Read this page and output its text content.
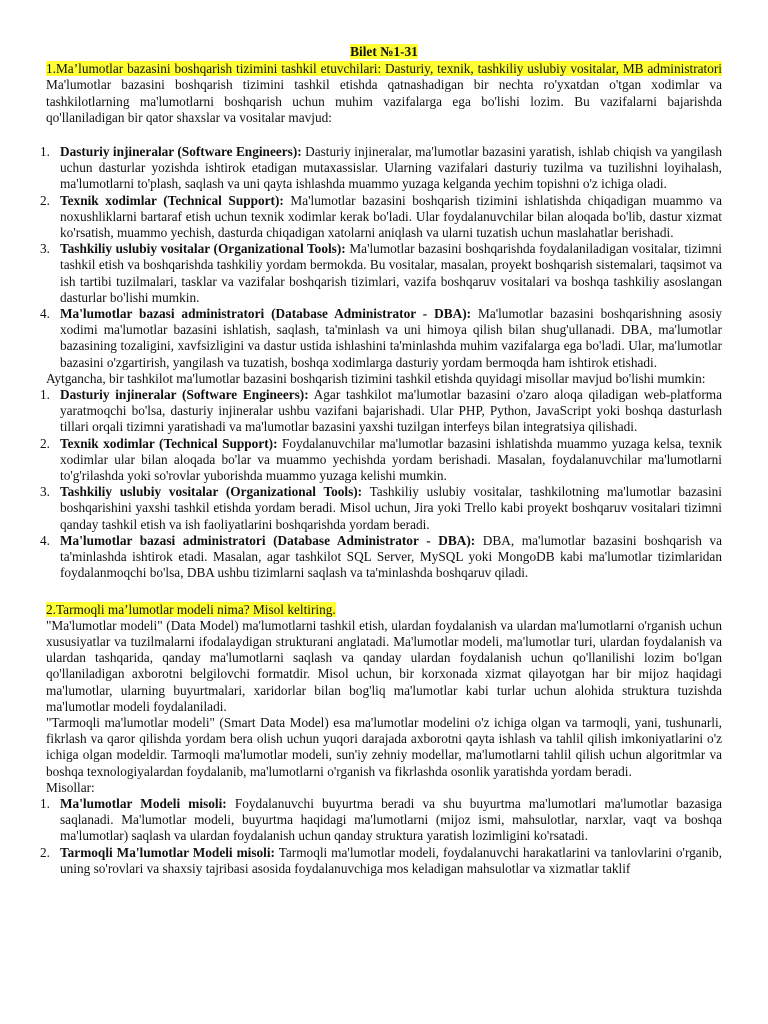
Bilet №1-31

1.Ma’lumotlar bazasini boshqarish tizimini tashkil etuvchilari: Dasturiy, texnik, tashkiliy uslubiy vositalar, MB administratori Ma'lumotlar bazasini boshqarish tizimini tashkil etishda qatnashadigan bir nechta ro'yxatdan o'tgan xodimlar va tashkilotlarning ma'lumotlarni boshqarish uchun muhim vazifalarga ega bo'lishi lozim. Bu vazifalarni bajarishda qo'llaniladigan bir qator shaxslar va vositalar mavjud:

1. Dasturiy injineralar (Software Engineers): Dasturiy injineralar, ma'lumotlar bazasini yaratish, ishlab chiqish va yangilash uchun dasturlar yozishda ishtirok etadigan mutaxassislar. Ularning vazifalari dasturiy tuzilma va tuzilishni loyihalash, ma'lumotlarni to'plash, saqlash va uni qayta ishlashda muammo yuzaga kelganda yechim topishni o'z ichiga oladi.
2. Texnik xodimlar (Technical Support): Ma'lumotlar bazasini boshqarish tizimini ishlatishda chiqadigan muammo va noxushliklarni bartaraf etish uchun texnik xodimlar kerak bo'ladi. Ular foydalanuvchilar bilan aloqada bo'lib, dastur xizmat ko'rsatish, muammo yechish, dasturda chiqadigan xatolarni aniqlash va ularni tuzatish uchun maslahatlar berishadi.
3. Tashkiliy uslubiy vositalar (Organizational Tools): Ma'lumotlar bazasini boshqarishda foydalaniladigan vositalar, tizimni tashkil etish va boshqarishda tashkiliy yordam bermokda. Bu vositalar, masalan, proyekt boshqarish sistemalari, taqsimot va ish tartibi tuzilmalari, tasklar va vazifalar boshqarish tizimlari, vazifa boshqaruv vositalari va boshqa tashkiliy asoslangan dasturlar bo'lishi mumkin.
4. Ma'lumotlar bazasi administratori (Database Administrator - DBA): Ma'lumotlar bazasini boshqarishning asosiy xodimi ma'lumotlar bazasini ishlatish, saqlash, ta'minlash va uni himoya qilish bilan shug'ullanadi. DBA, ma'lumotlar bazasining tozaligini, xavfsizligini va dastur ustida ishlashini ta'minlashda muhim vazifalarga ega bo'ladi. Ular, ma'lumotlar bazasini o'zgartirish, yangilash va tuzatish, boshqa xodimlarga dasturiy yordam bermoqda ham ishtirok etishadi.

Aytgancha, bir tashkilot ma'lumotlar bazasini boshqarish tizimini tashkil etishda quyidagi misollar mavjud bo'lishi mumkin:

1. Dasturiy injineralar (Software Engineers): Agar tashkilot ma'lumotlar bazasini o'zaro aloqa qiladigan web-platforma yaratmoqchi bo'lsa, dasturiy injineralar ushbu vazifani bajarishadi. Ular PHP, Python, JavaScript yoki boshqa dasturlash tillari orqali tizimni yaratishadi va ma'lumotlar bazasini yaxshi tuzilgan interfeys bilan integratsiya qilishadi.
2. Texnik xodimlar (Technical Support): Foydalanuvchilar ma'lumotlar bazasini ishlatishda muammo yuzaga kelsa, texnik xodimlar ular bilan aloqada bo'lar va muammo yechishda yordam berishadi. Masalan, foydalanuvchilar ma'lumotlarni to'g'rilashda yoki so'rovlar yuborishda muammo yuzaga kelishi mumkin.
3. Tashkiliy uslubiy vositalar (Organizational Tools): Tashkiliy uslubiy vositalar, tashkilotning ma'lumotlar bazasini boshqarishini yaxshi tashkil etishda yordam beradi. Misol uchun, Jira yoki Trello kabi proyekt boshqaruv vositalari tizimni qanday tashkil etish va ish faoliyatlarini boshqarishda yordam beradi.
4. Ma'lumotlar bazasi administratori (Database Administrator - DBA): DBA, ma'lumotlar bazasini boshqarish va ta'minlashda ishtirok etadi. Masalan, agar tashkilot SQL Server, MySQL yoki MongoDB kabi ma'lumotlar tizimlaridan foydalanmoqchi bo'lsa, DBA ushbu tizimlarni saqlash va ta'minlashda boshqaruv qiladi.

2.Tarmoqli ma’lumotlar modeli nima? Misol keltiring.

"Ma'lumotlar modeli" (Data Model) ma'lumotlarni tashkil etish, ulardan foydalanish va ulardan ma'lumotlarni o'rganish uchun xususiyatlar va tuzilmalarni ifodalaydigan strukturani anglatadi. Ma'lumotlar modeli, ma'lumotlar turi, ulardan foydalanish va ulardan tashqarida, qanday ma'lumotlarni saqlash va qanday ulardan foydalanish uchun qo'llanilishi lozim bo'lgan qo'llaniladigan axborotni belgilovchi formatdir. Misol uchun, bir korxonada xizmat qilayotgan har bir mijoz haqidagi ma'lumotlar, ularning buyurtmalari, xaridorlar bilan bog'liq ma'lumotlar kabi turlar uchun alohida struktura tuzishda ma'lumotlar modeli foydalaniladi.

"Tarmoqli ma'lumotlar modeli" (Smart Data Model) esa ma'lumotlar modelini o'z ichiga olgan va tarmoqli, yani, tushunarli, fikrlash va qaror qilishda yordam bera olish uchun yuqori darajada axborotni qayta ishlash va tahlil qilish imkoniyatlarini o'z ichiga olgan modeldir. Tarmoqli ma'lumotlar modeli, sun'iy zehniy modellar, ma'lumotlarni tahlil qilish uchun algoritmlar va boshqa texnologiyalardan foydalanib, ma'lumotlarni o'rganish va fikrlashda osonlik yaratishda yordam beradi.

Misollar:

1. Ma'lumotlar Modeli misoli: Foydalanuvchi buyurtma beradi va shu buyurtma ma'lumotlari ma'lumotlar bazasiga saqlanadi. Ma'lumotlar modeli, buyurtma haqidagi ma'lumotlarni (mijoz ismi, mahsulotlar, narxlar, vaqt va boshqa ma'lumotlar) saqlash va ulardan foydalanish uchun qanday struktura yaratish lozimligini ko'rsatadi.
2. Tarmoqli Ma'lumotlar Modeli misoli: Tarmoqli ma'lumotlar modeli, foydalanuvchi harakatlarini va tanlovlarini o'rganib, uning so'rovlari va shaxsiy tajribasi asosida foydalanuvchiga mos keladigan mahsulotlar va xizmatlar taklif
